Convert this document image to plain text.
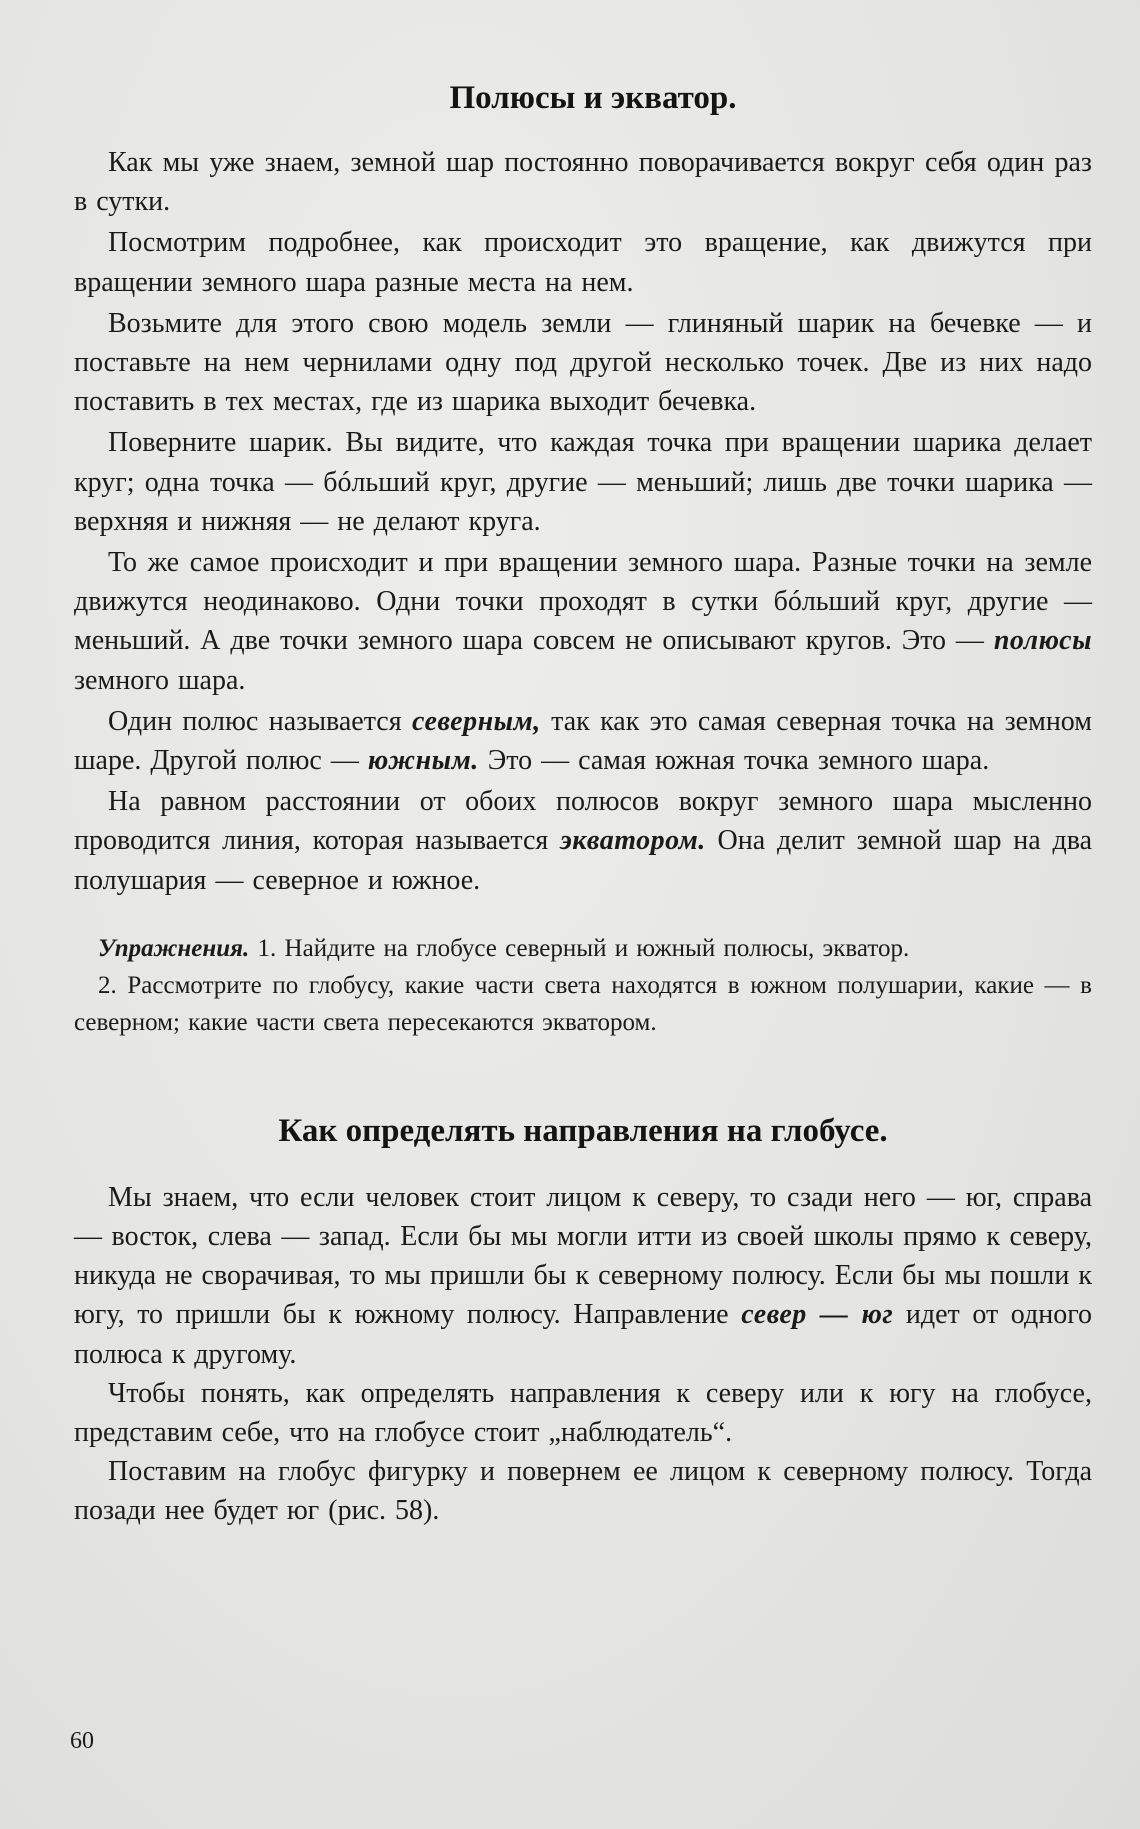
Полюсы и экватор.

Как мы уже знаем, земной шар постоянно поворачивается вокруг себя один раз в сутки.

Посмотрим подробнее, как происходит это вращение, как движутся при вращении земного шара разные места на нем.

Возьмите для этого свою модель земли — глиняный шарик на бечевке — и поставьте на нем чернилами одну под другой несколько точек. Две из них надо поставить в тех местах, где из шарика выходит бечевка.

Поверните шарик. Вы видите, что каждая точка при вращении шарика делает круг; одна точка — бóльший круг, другие — меньший; лишь две точки шарика — верхняя и нижняя — не делают круга.

То же самое происходит и при вращении земного шара. Разные точки на земле движутся неодинаково. Одни точки проходят в сутки бóльший круг, другие — меньший. А две точки земного шара совсем не описывают кругов. Это — полюсы земного шара.

Один полюс называется северным, так как это самая северная точка на земном шаре. Другой полюс — южным. Это — самая южная точка земного шара.

На равном расстоянии от обоих полюсов вокруг земного шара мысленно проводится линия, которая называется экватором. Она делит земной шар на два полушария — северное и южное.

Упражнения. 1. Найдите на глобусе северный и южный полюсы, экватор.

2. Рассмотрите по глобусу, какие части света находятся в южном полушарии, какие — в северном; какие части света пересекаются экватором.

Как определять направления на глобусе.

Мы знаем, что если человек стоит лицом к северу, то сзади него — юг, справа — восток, слева — запад. Если бы мы могли итти из своей школы прямо к северу, никуда не сворачивая, то мы пришли бы к северному полюсу. Если бы мы пошли к югу, то пришли бы к южному полюсу. Направление север — юг идет от одного полюса к другому.

Чтобы понять, как определять направления к северу или к югу на глобусе, представим себе, что на глобусе стоит „наблюдатель“.

Поставим на глобус фигурку и повернем ее лицом к северному полюсу. Тогда позади нее будет юг (рис. 58).

60
